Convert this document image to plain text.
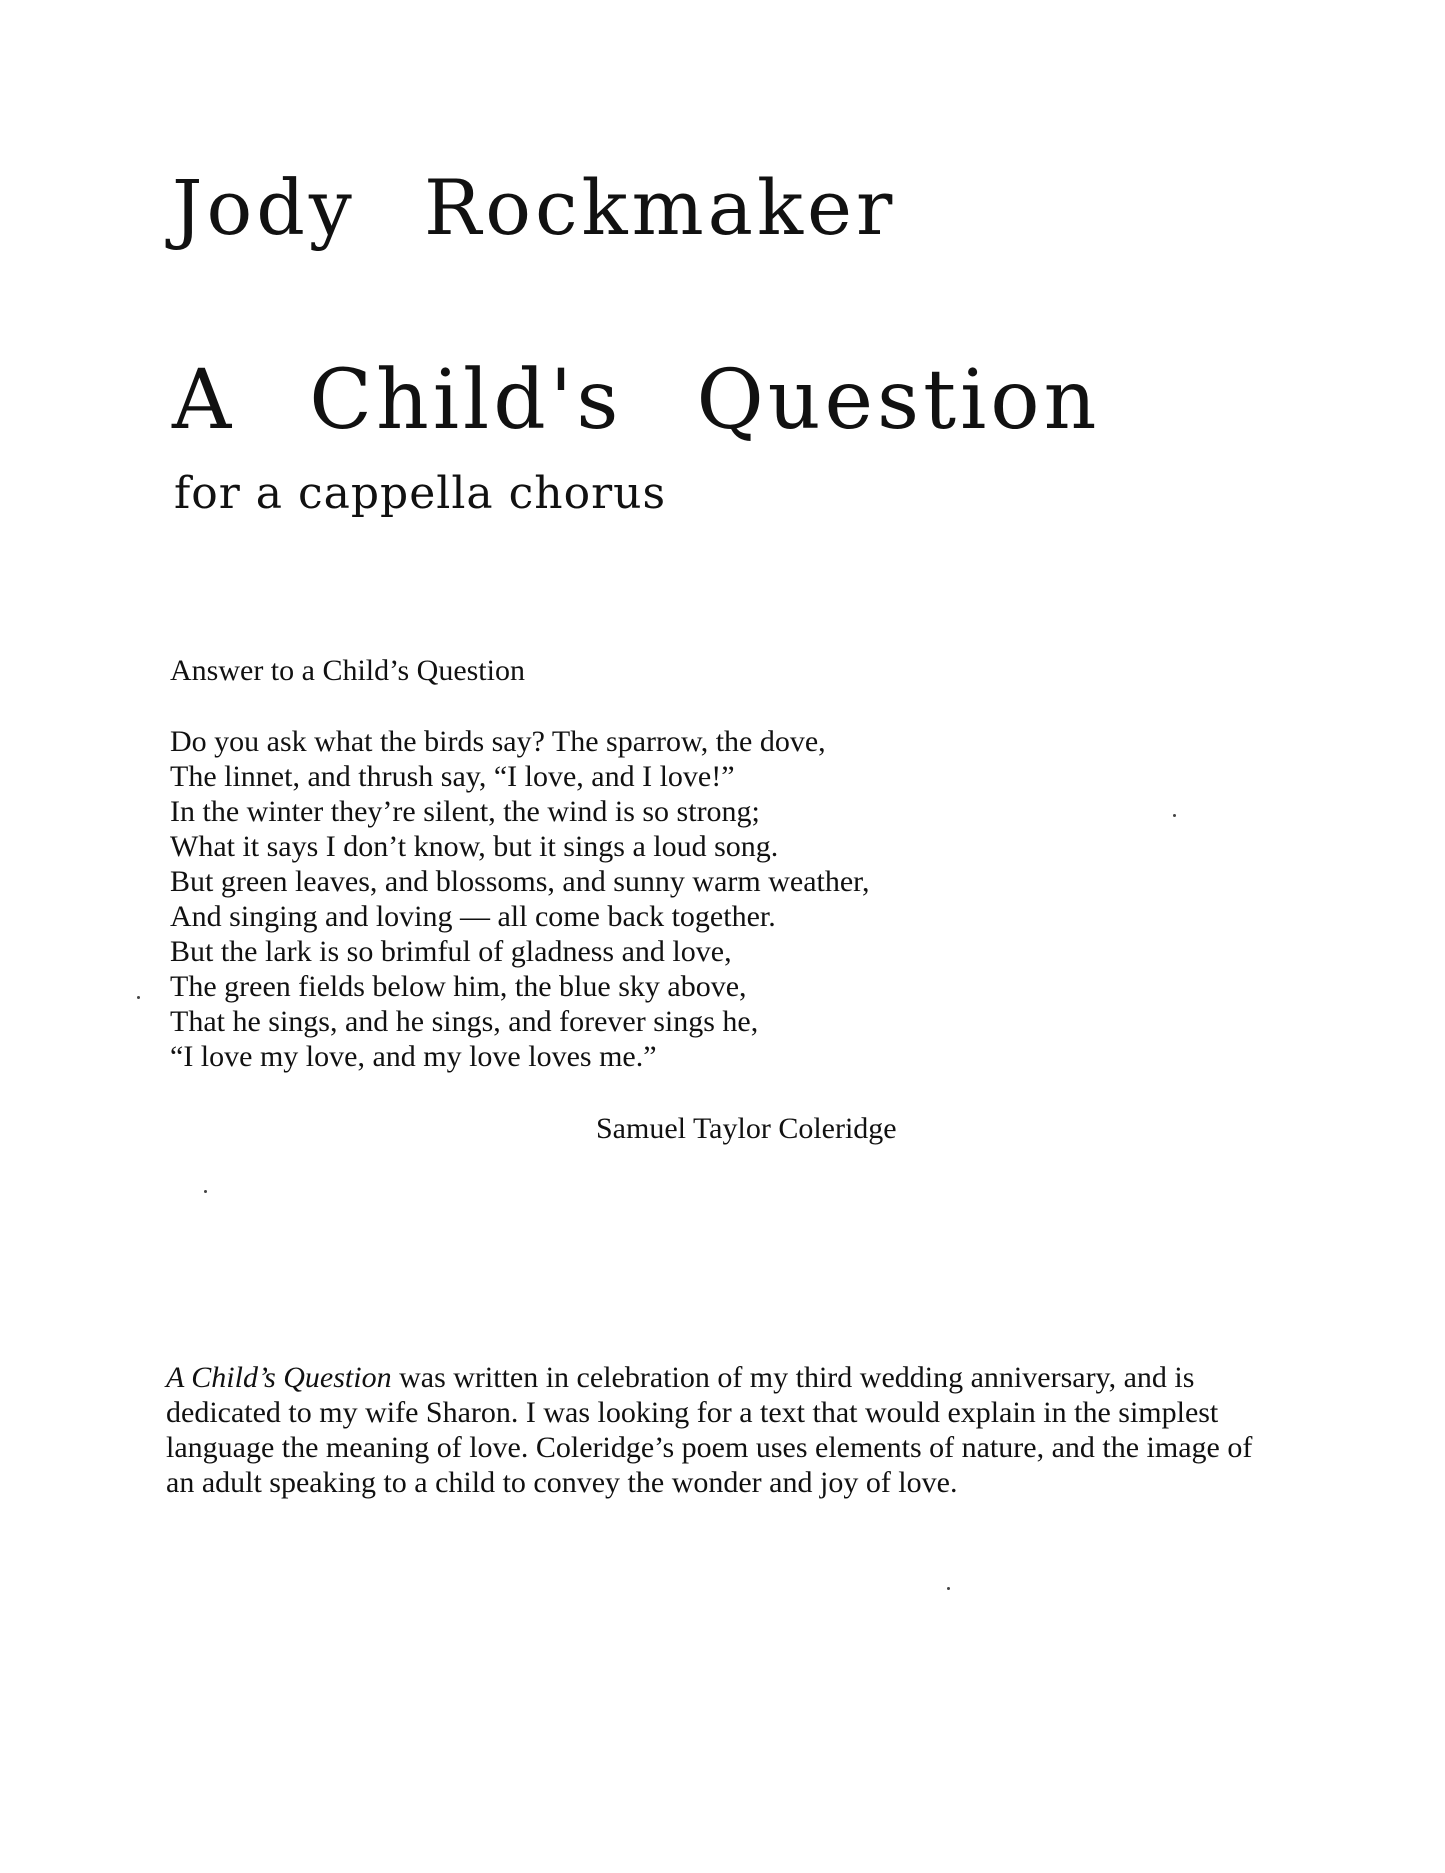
Jody Rockmaker
A Child's Question
for a cappella chorus
Answer to a Child’s Question
Do you ask what the birds say? The sparrow, the dove,
The linnet, and thrush say, “I love, and I love!”
In the winter they’re silent, the wind is so strong;
What it says I don’t know, but it sings a loud song.
But green leaves, and blossoms, and sunny warm weather,
And singing and loving — all come back together.
But the lark is so brimful of gladness and love,
The green fields below him, the blue sky above,
That he sings, and he sings, and forever sings he,
“I love my love, and my love loves me.”
Samuel Taylor Coleridge

A Child’s Question was written in celebration of my third wedding anniversary, and is dedicated to my wife Sharon. I was looking for a text that would explain in the simplest language the meaning of love. Coleridge’s poem uses elements of nature, and the image of an adult speaking to a child to convey the wonder and joy of love.
